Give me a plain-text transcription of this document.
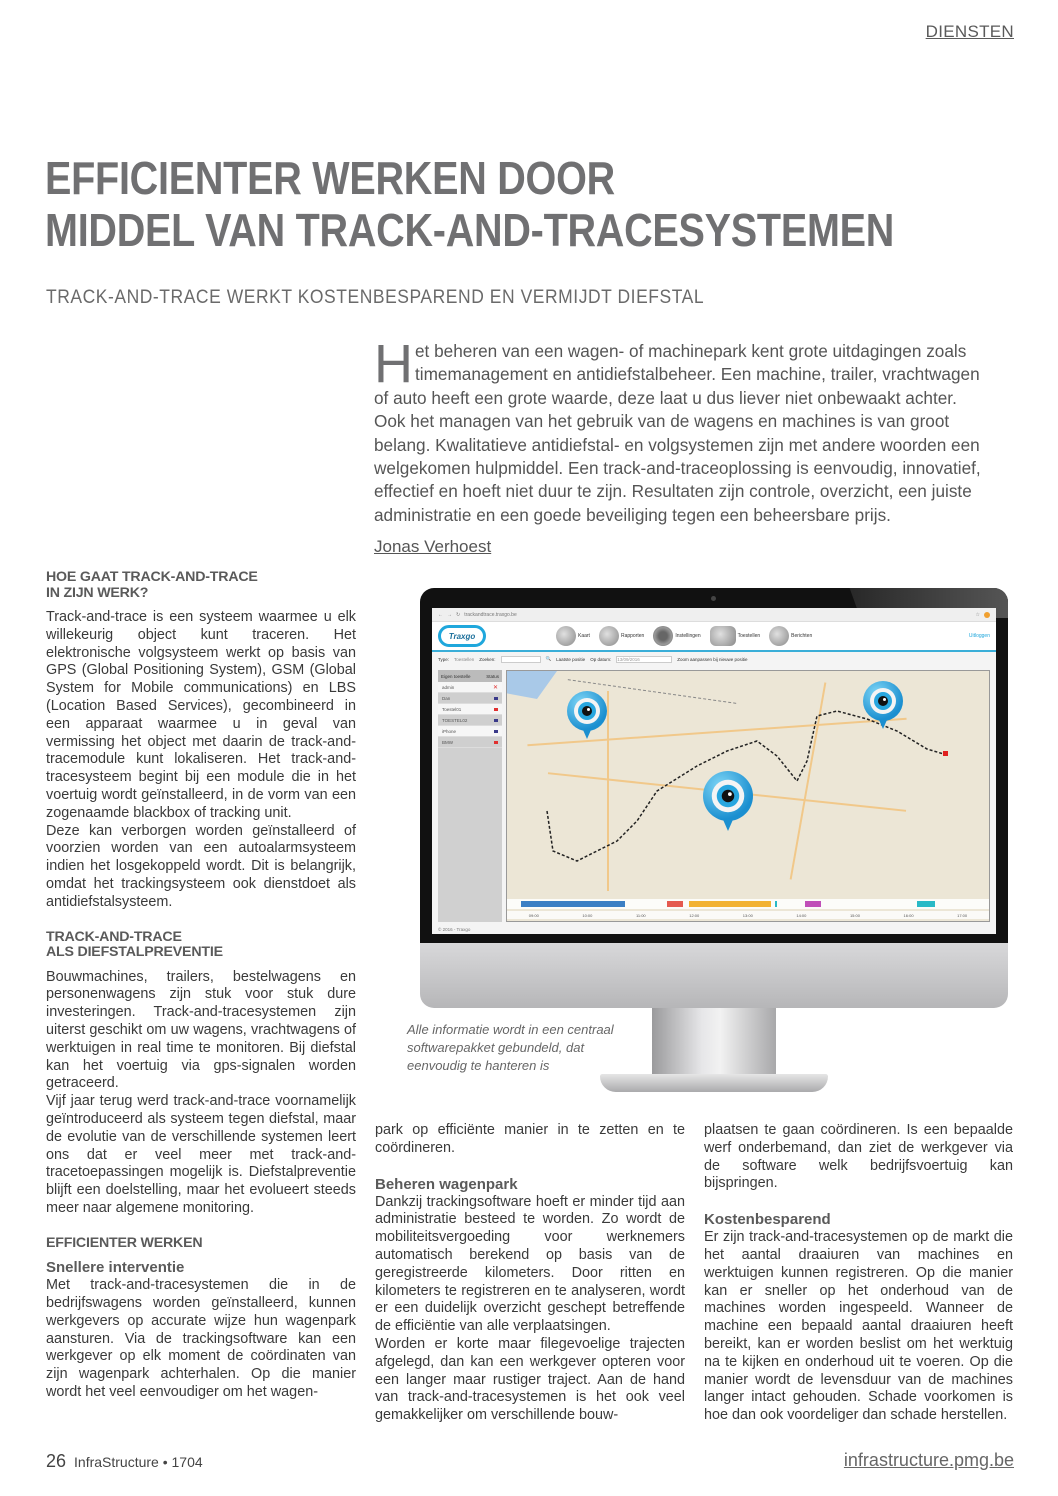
DIENSTEN
EFFICIENTER WERKEN DOOR
MIDDEL VAN TRACK-AND-TRACESYSTEMEN
TRACK-AND-TRACE WERKT KOSTENBESPAREND EN VERMIJDT DIEFSTAL
H et beheren van een wagen- of machinepark kent grote uitdagingen zoals timemanagement en antidiefstalbeheer. Een machine, trailer, vrachtwagen of auto heeft een grote waarde, deze laat u dus liever niet onbewaakt achter. Ook het managen van het gebruik van de wagens en machines is van groot belang. Kwalitatieve antidiefstal- en volgsystemen zijn met andere woorden een welgekomen hulpmiddel. Een track-and-traceoplossing is eenvoudig, innovatief, effectief en hoeft niet duur te zijn. Resultaten zijn controle, overzicht, een juiste administratie en een goede beveiliging tegen een beheersbare prijs.
Jonas Verhoest
HOE GAAT TRACK-AND-TRACE
IN ZIJN WERK?

Track-and-trace is een systeem waarmee u elk willekeurig object kunt traceren. Het elektronische volgsysteem werkt op basis van GPS (Global Positioning System), GSM (Global System for Mobile communications) en LBS (Location Based Services), gecombineerd in een apparaat waarmee u in geval van vermissing het object met daarin de track-and-tracemodule kunt lokaliseren. Het track-and-tracesysteem begint bij een module die in het voertuig wordt geïnstalleerd, in de vorm van een zogenaamde blackbox of tracking unit.

Deze kan verborgen worden geïnstalleerd of voorzien worden van een autoalarmsysteem indien het losgekoppeld wordt. Dit is belangrijk, omdat het trackingsysteem ook dienstdoet als antidiefstalsysteem.

TRACK-AND-TRACE
ALS DIEFSTALPREVENTIE

Bouwmachines, trailers, bestelwagens en personenwagens zijn stuk voor stuk dure investeringen. Track-and-tracesystemen zijn uiterst geschikt om uw wagens, vrachtwagens of werktuigen in real time te monitoren. Bij diefstal kan het voertuig via gps-signalen worden getraceerd.

Vijf jaar terug werd track-and-trace voornamelijk geïntroduceerd als systeem tegen diefstal, maar de evolutie van de verschillende systemen leert ons dat er veel meer met track-and-tracetoepassingen mogelijk is. Diefstalpreventie blijft een doelstelling, maar het evolueert steeds meer naar algemene monitoring.

EFFICIENTER WERKEN
Snellere interventie

Met track-and-tracesystemen die in de bedrijfswagens worden geïnstalleerd, kunnen werkgevers op accurate wijze hun wagenpark aansturen. Via de trackingsoftware kan een werkgever op elk moment de coördinaten van zijn wagenpark achterhalen. Op die manier wordt het veel eenvoudiger om het wagen-

← → ↻ trackandtrace.traxgo.be	☆
Traxgo	Kaart	Rapporten	Instellingen	Toestellen	Berichten	Uitloggen
Type: Toestellen Zoeken:	🔍 Laatste positie Op datum: 13/09/2016	Zoom aanpassen bij nieuwe positie
Eigen toestelle	Status
admin	✕
Dan
Toestel01
TOESTEL02
iPhone
BMW
09:00	10:00	11:00	12:00	13:00	14:00	15:00	16:00	17:00
© 2016 - Traxgo
Alle informatie wordt in een centraal softwarepakket gebundeld, dat eenvoudig te hanteren is

park op efficiënte manier in te zetten en te coördineren.

Beheren wagenpark

Dankzij trackingsoftware hoeft er minder tijd aan administratie besteed te worden. Zo wordt de mobiliteitsvergoeding voor werknemers automatisch berekend op basis van de geregistreerde kilometers. Door ritten en kilometers te registreren en te analyseren, wordt er een duidelijk overzicht geschept betreffende de efficiëntie van alle verplaatsingen.

Worden er korte maar filegevoelige trajecten afgelegd, dan kan een werkgever opteren voor een langer maar rustiger traject. Aan de hand van track-and-tracesystemen is het ook veel gemakkelijker om verschillende bouw-

plaatsen te gaan coördineren. Is een bepaalde werf onderbemand, dan ziet de werkgever via de software welk bedrijfsvoertuig kan bijspringen.

Kostenbesparend

Er zijn track-and-tracesystemen op de markt die het aantal draaiuren van machines en werktuigen kunnen registreren. Op die manier kan er sneller op het onderhoud van de machines worden ingespeeld. Wanneer de machine een bepaald aantal draaiuren heeft bereikt, kan er worden beslist om het werktuig na te kijken en onderhoud uit te voeren. Op die manier wordt de levensduur van de machines langer intact gehouden. Schade voorkomen is hoe dan ook voordeliger dan schade herstellen.

26 InfraStructure • 1704	infrastructure.pmg.be
